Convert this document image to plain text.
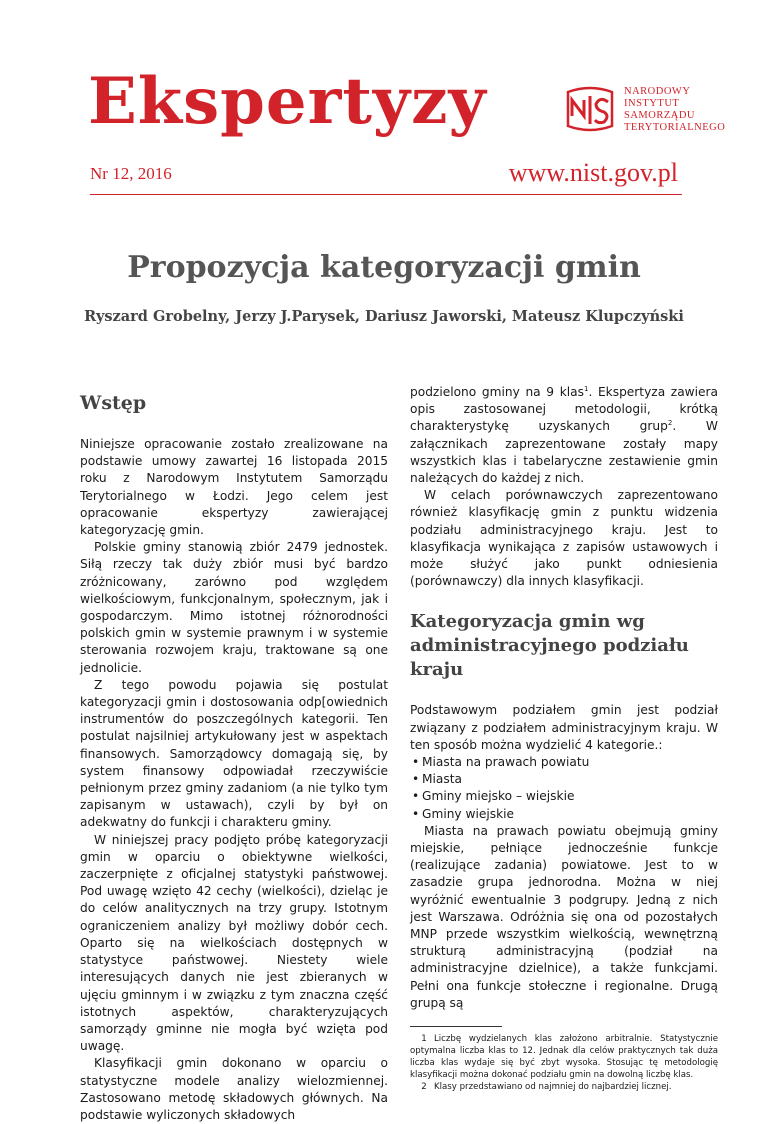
Ekspertyzy
Nr 12, 2016	www.nist.gov.pl
NARODOWY
INSTYTUT
SAMORZĄDU
TERYTORIALNEGO
Propozycja kategoryzacji gmin
Ryszard Grobelny, Jerzy J.Parysek, Dariusz Jaworski, Mateusz Klupczyński
Wstęp

Niniejsze opracowanie zostało zrealizowane na podstawie umowy zawartej 16 listopada 2015 roku z Narodowym Instytutem Samorządu Terytorialnego w Łodzi. Jego celem jest opracowanie ekspertyzy zawierającej kategoryzację gmin.

Polskie gminy stanowią zbiór 2479 jednostek. Siłą rzeczy tak duży zbiór musi być bardzo zróżnicowany, zarówno pod względem wielkościowym, funkcjonalnym, społecznym, jak i gospodarczym. Mimo istotnej różnorodności polskich gmin w systemie prawnym i w systemie sterowania rozwojem kraju, traktowane są one jednolicie.

Z tego powodu pojawia się postulat kategoryzacji gmin i dostosowania odp[owiednich instrumentów do poszczególnych kategorii. Ten postulat najsilniej artykułowany jest w aspektach finansowych. Samorządowcy domagają się, by system finansowy odpowiadał rzeczywiście pełnionym przez gminy zadaniom (a nie tylko tym zapisanym w ustawach), czyli by był on adekwatny do funkcji i charakteru gminy.

W niniejszej pracy podjęto próbę kategoryzacji gmin w oparciu o obiektywne wielkości, zaczerpnięte z oficjalnej statystyki państwowej. Pod uwagę wzięto 42 cechy (wielkości), dzieląc je do celów analitycznych na trzy grupy. Istotnym ograniczeniem analizy był możliwy dobór cech. Oparto się na wielkościach dostępnych w statystyce państwowej. Niestety wiele interesujących danych nie jest zbieranych w ujęciu gminnym i w związku z tym znaczna część istotnych aspektów, charakteryzujących samorządy gminne nie mogła być wzięta pod uwagę.

Klasyfikacji gmin dokonano w oparciu o statystyczne modele analizy wielozmiennej. Zastosowano metodę składowych głównych. Na podstawie wyliczonych składowych

podzielono gminy na 9 klas$^1$. Ekspertyza zawiera opis zastosowanej metodologii, krótką charakterystykę uzyskanych grup$^2$. W załącznikach zaprezentowane zostały mapy wszystkich klas i tabelaryczne zestawienie gmin należących do każdej z nich.

W celach porównawczych zaprezentowano również klasyfikację gmin z punktu widzenia podziału administracyjnego kraju. Jest to klasyfikacja wynikająca z zapisów ustawowych i może służyć jako punkt odniesienia (porównawczy) dla innych klasyfikacji.

Kategoryzacja gmin wg administracyjnego podziału kraju

Podstawowym podziałem gmin jest podział związany z podziałem administracyjnym kraju. W ten sposób można wydzielić 4 kategorie.:

• Miasta na prawach powiatu
• Miasta
• Gminy miejsko – wiejskie
• Gminy wiejskie

Miasta na prawach powiatu obejmują gminy miejskie, pełniące jednocześnie funkcje (realizujące zadania) powiatowe. Jest to w zasadzie grupa jednorodna. Można w niej wyróżnić ewentualnie 3 podgrupy. Jedną z nich jest Warszawa. Odróżnia się ona od pozostałych MNP przede wszystkim wielkością, wewnętrzną strukturą administracyjną (podział na administracyjne dzielnice), a także funkcjami. Pełni ona funkcje stołeczne i regionalne. Drugą grupą są

1 Liczbę wydzielanych klas założono arbitralnie. Statystycznie optymalna liczba klas to 12. Jednak dla celów praktycznych tak duża liczba klas wydaje się być zbyt wysoka. Stosując tę metodologię klasyfikacji można dokonać podziału gmin na dowolną liczbę klas.
2 Klasy przedstawiano od najmniej do najbardziej licznej.
